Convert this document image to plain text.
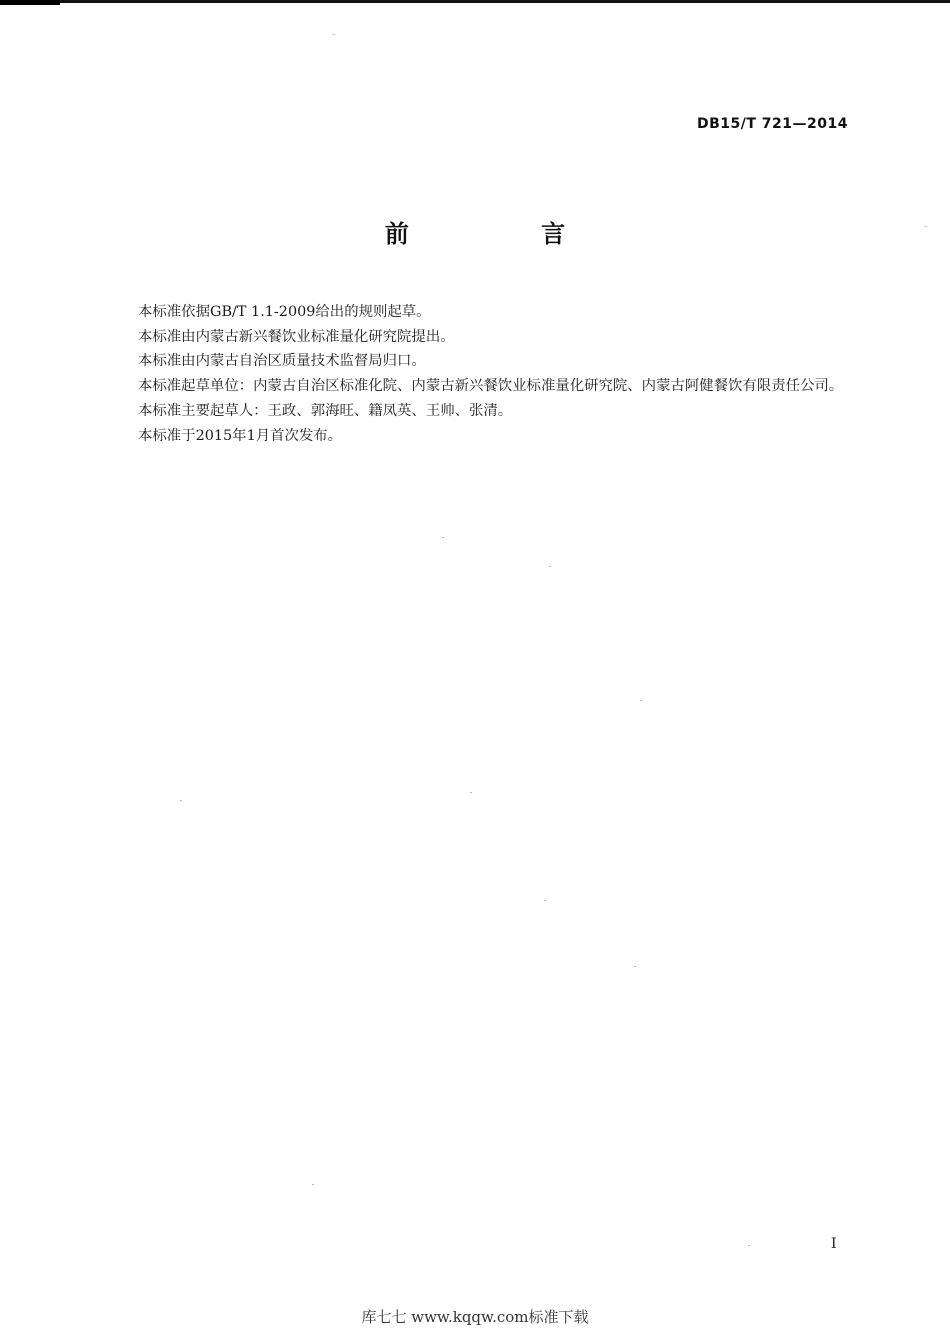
DB15/T 721—2014
前 言

本标准依据GB/T 1.1-2009给出的规则起草。

本标准由内蒙古新兴餐饮业标准量化研究院提出。

本标准由内蒙古自治区质量技术监督局归口。

本标准起草单位：内蒙古自治区标准化院、内蒙古新兴餐饮业标准量化研究院、内蒙古阿健餐饮有限责任公司。

本标准主要起草人：王政、郭海旺、籍凤英、王帅、张清。

本标准于2015年1月首次发布。

I
库七七 www.kqqw.com标准下载
